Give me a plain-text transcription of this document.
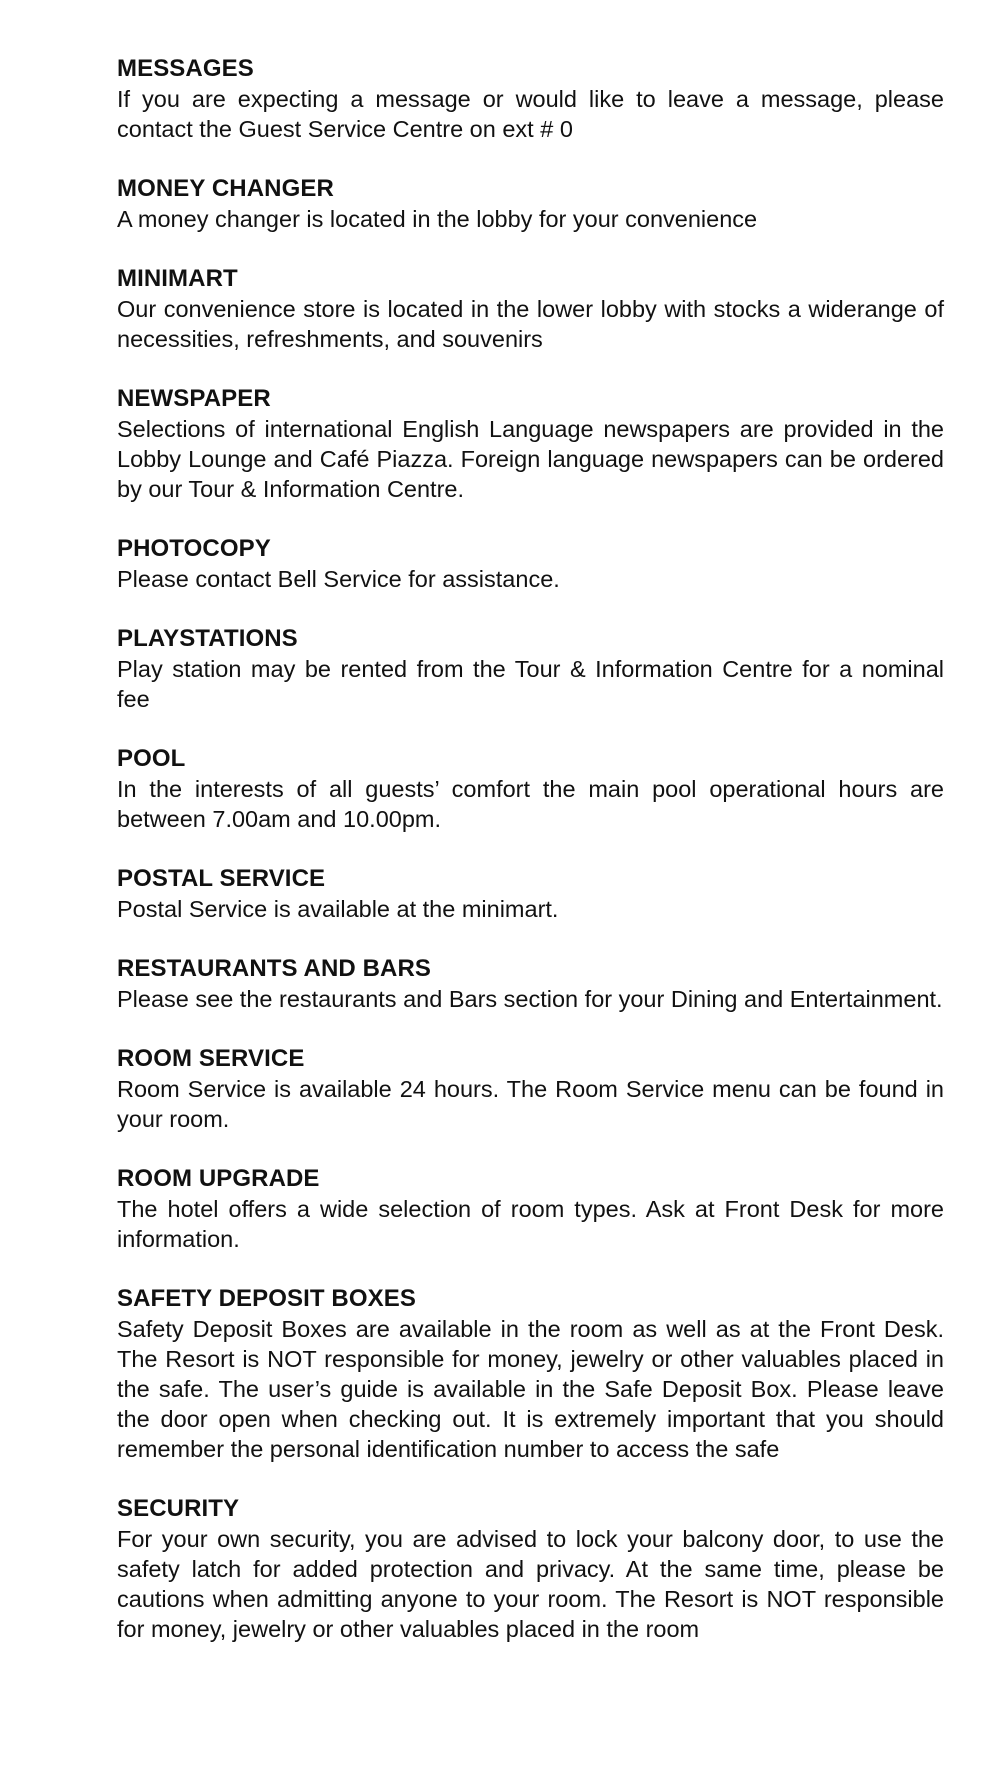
MESSAGES

If you are expecting a message or would like to leave a message, please contact the Guest Service Centre on ext # 0

MONEY CHANGER

A money changer is located in the lobby for your convenience

MINIMART

Our convenience store is located in the lower lobby with stocks a widerange of necessities, refreshments, and souvenirs

NEWSPAPER

Selections of international English Language newspapers are provided in the Lobby Lounge and Café Piazza. Foreign language newspapers can be ordered by our Tour & Information Centre.

PHOTOCOPY

Please contact Bell Service for assistance.

PLAYSTATIONS

Play station may be rented from the Tour & Information Centre for a nominal fee

POOL

In the interests of all guests’ comfort the main pool operational hours are between 7.00am and 10.00pm.

POSTAL SERVICE

Postal Service is available at the minimart.

RESTAURANTS AND BARS

Please see the restaurants and Bars section for your Dining and Entertainment.

ROOM SERVICE

Room Service is available 24 hours. The Room Service menu can be found in your room.

ROOM UPGRADE

The hotel offers a wide selection of room types. Ask at Front Desk for more information.

SAFETY DEPOSIT BOXES

Safety Deposit Boxes are available in the room as well as at the Front Desk. The Resort is NOT responsible for money, jewelry or other valuables placed in the safe. The user’s guide is available in the Safe Deposit Box. Please leave the door open when checking out. It is extremely important that you should remember the personal identification number to access the safe

SECURITY

For your own security, you are advised to lock your balcony door, to use the safety latch for added protection and privacy. At the same time, please be cautions when admitting anyone to your room. The Resort is NOT responsible for money, jewelry or other valuables placed in the room
